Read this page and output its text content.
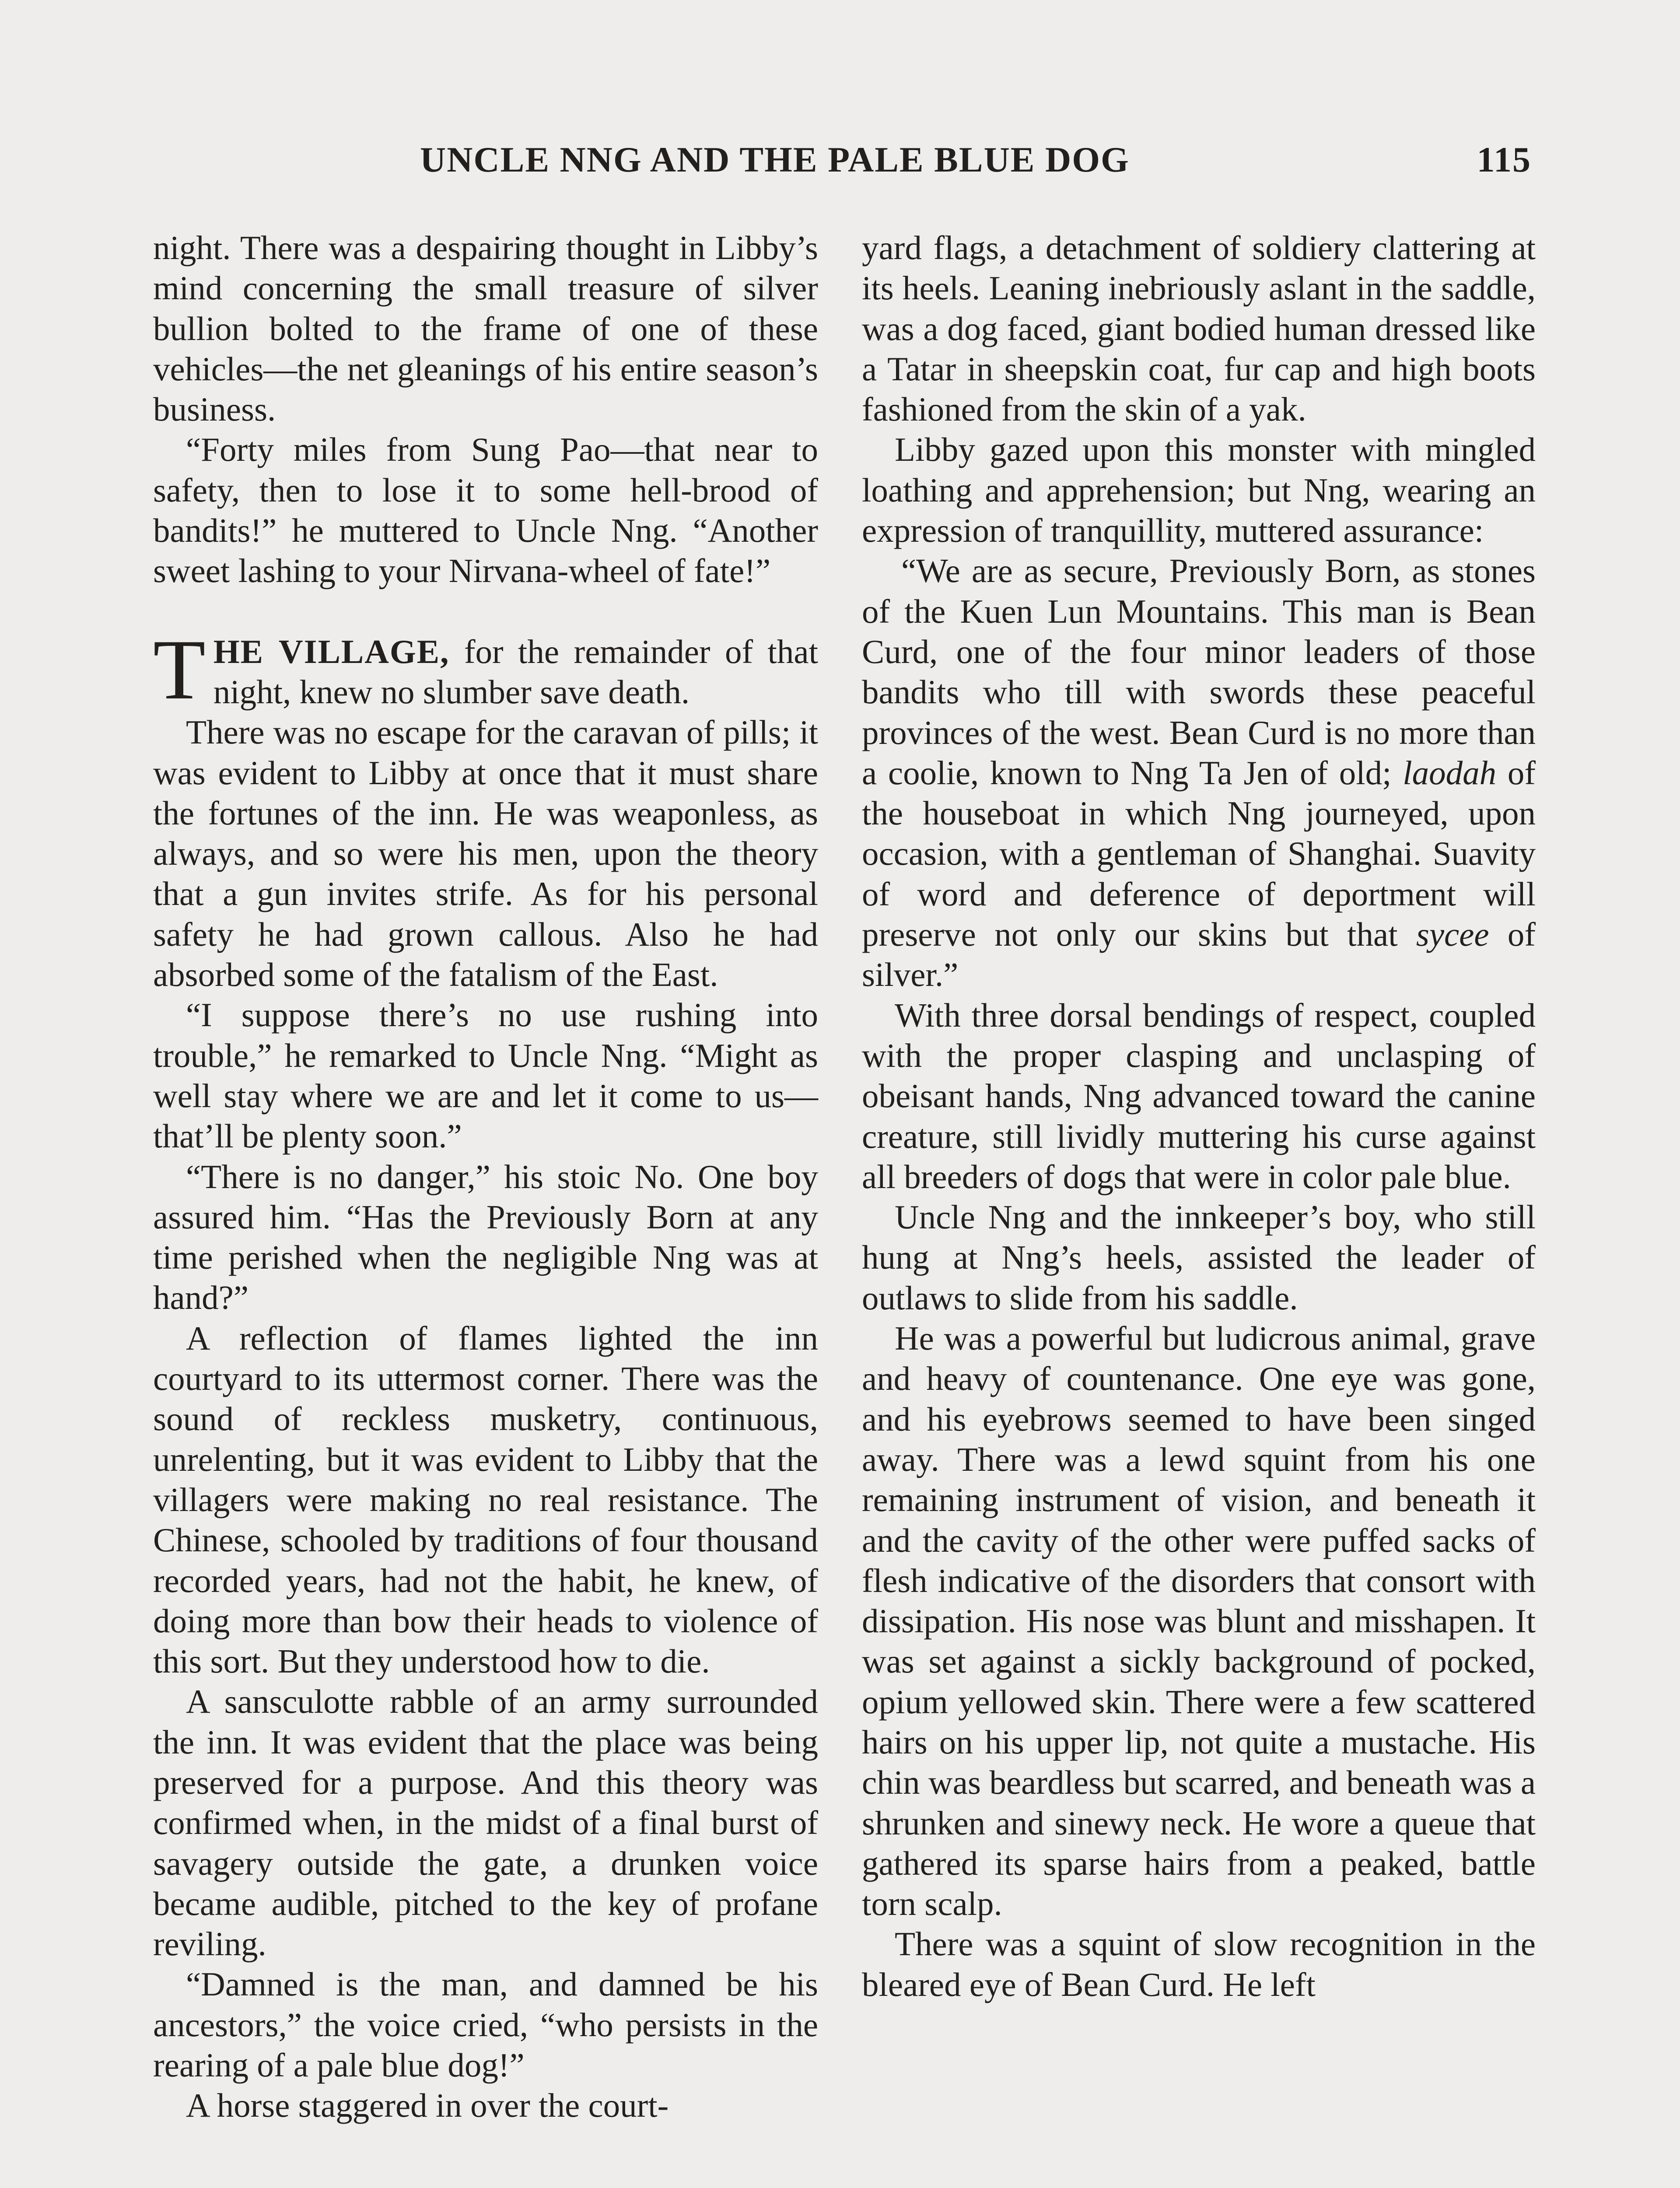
UNCLE NNG AND THE PALE BLUE DOG	115

night. There was a despairing thought in Libby’s mind concerning the small treasure of silver bullion bolted to the frame of one of these vehicles—the net gleanings of his entire season’s business.

“Forty miles from Sung Pao—that near to safety, then to lose it to some hell-brood of bandits!” he muttered to Uncle Nng. “Another sweet lashing to your Nirvana-wheel of fate!”

THE VILLAGE, for the remainder of that night, knew no slumber save death.

There was no escape for the caravan of pills; it was evident to Libby at once that it must share the fortunes of the inn. He was weaponless, as always, and so were his men, upon the theory that a gun invites strife. As for his personal safety he had grown callous. Also he had absorbed some of the fatalism of the East.

“I suppose there’s no use rushing into trouble,” he remarked to Uncle Nng. “Might as well stay where we are and let it come to us—that’ll be plenty soon.”

“There is no danger,” his stoic No. One boy assured him. “Has the Previously Born at any time perished when the negligible Nng was at hand?”

A reflection of flames lighted the inn courtyard to its uttermost corner. There was the sound of reckless musketry, continuous, unrelenting, but it was evident to Libby that the villagers were making no real resistance. The Chinese, schooled by traditions of four thousand recorded years, had not the habit, he knew, of doing more than bow their heads to violence of this sort. But they understood how to die.

A sansculotte rabble of an army surrounded the inn. It was evident that the place was being preserved for a purpose. And this theory was confirmed when, in the midst of a final burst of savagery outside the gate, a drunken voice became audible, pitched to the key of profane reviling.

“Damned is the man, and damned be his ancestors,” the voice cried, “who persists in the rearing of a pale blue dog!”

A horse staggered in over the court-

yard flags, a detachment of soldiery clattering at its heels. Leaning inebriously aslant in the saddle, was a dog faced, giant bodied human dressed like a Tatar in sheepskin coat, fur cap and high boots fashioned from the skin of a yak.

Libby gazed upon this monster with mingled loathing and apprehension; but Nng, wearing an expression of tranquillity, muttered assurance:

“We are as secure, Previously Born, as stones of the Kuen Lun Mountains. This man is Bean Curd, one of the four minor leaders of those bandits who till with swords these peaceful provinces of the west. Bean Curd is no more than a coolie, known to Nng Ta Jen of old; laodah of the houseboat in which Nng journeyed, upon occasion, with a gentleman of Shanghai. Suavity of word and deference of deportment will preserve not only our skins but that sycee of silver.”

With three dorsal bendings of respect, coupled with the proper clasping and unclasping of obeisant hands, Nng advanced toward the canine creature, still lividly muttering his curse against all breeders of dogs that were in color pale blue.

Uncle Nng and the innkeeper’s boy, who still hung at Nng’s heels, assisted the leader of outlaws to slide from his saddle.

He was a powerful but ludicrous animal, grave and heavy of countenance. One eye was gone, and his eyebrows seemed to have been singed away. There was a lewd squint from his one remaining instrument of vision, and beneath it and the cavity of the other were puffed sacks of flesh indicative of the disorders that consort with dissipation. His nose was blunt and misshapen. It was set against a sickly background of pocked, opium yellowed skin. There were a few scattered hairs on his upper lip, not quite a mustache. His chin was beardless but scarred, and beneath was a shrunken and sinewy neck. He wore a queue that gathered its sparse hairs from a peaked, battle torn scalp.

There was a squint of slow recognition in the bleared eye of Bean Curd. He left
